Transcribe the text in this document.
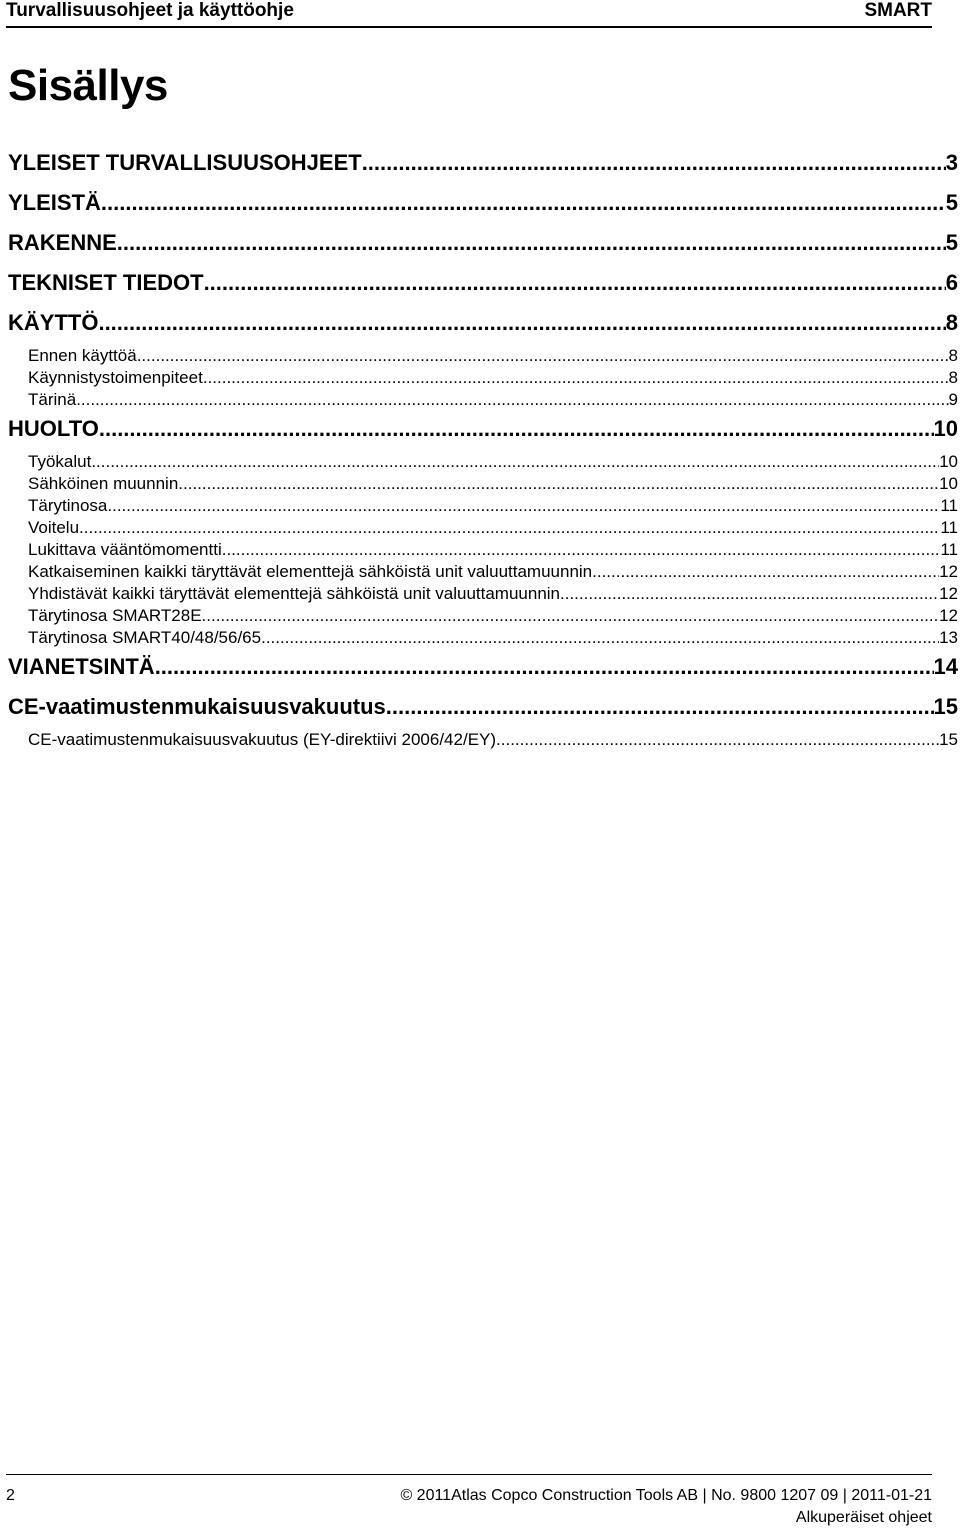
Turvallisuusohjeet ja käyttöohje	SMART
Sisällys
YLEISET TURVALLISUUSOHJEET .....	3
YLEISTÄ .....	5
RAKENNE .....	5
TEKNISET TIEDOT .....	6
KÄYTTÖ .....	8
Ennen käyttöä .....	8
Käynnistystoimenpiteet .....	8
Tärinä .....	9
HUOLTO .....	10
Työkalut .....	10
Sähköinen muunnin .....	10
Tärytinosa .....	11
Voitelu .....	11
Lukittava vääntömomentti .....	11
Katkaiseminen kaikki täryttävät elementtejä sähköistä unit valuuttamuunnin .....	12
Yhdistävät kaikki täryttävät elementtejä sähköistä unit valuuttamuunnin .....	12
Tärytinosa SMART28E .....	12
Tärytinosa SMART40/48/56/65 .....	13
VIANETSINTÄ .....	14
CE-vaatimustenmukaisuusvakuutus .....	15
CE-vaatimustenmukaisuusvakuutus (EY-direktiivi 2006/42/EY) .....	15
2	© 2011Atlas Copco Construction Tools AB | No. 9800 1207 09 | 2011-01-21
Alkuperäiset ohjeet
